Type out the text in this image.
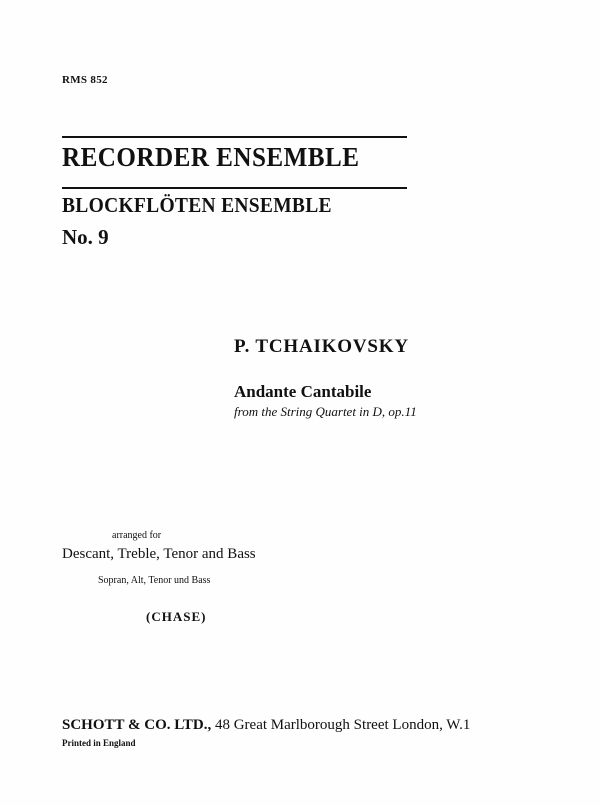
RMS 852
RECORDER ENSEMBLE
BLOCKFLÖTEN ENSEMBLE
No. 9
P. TCHAIKOVSKY
Andante Cantabile
from the String Quartet in D, op.11
arranged for
Descant, Treble, Tenor and Bass
Sopran, Alt, Tenor und Bass
(CHASE)
SCHOTT & CO. LTD., 48 Great Marlborough Street London, W.1
Printed in England
